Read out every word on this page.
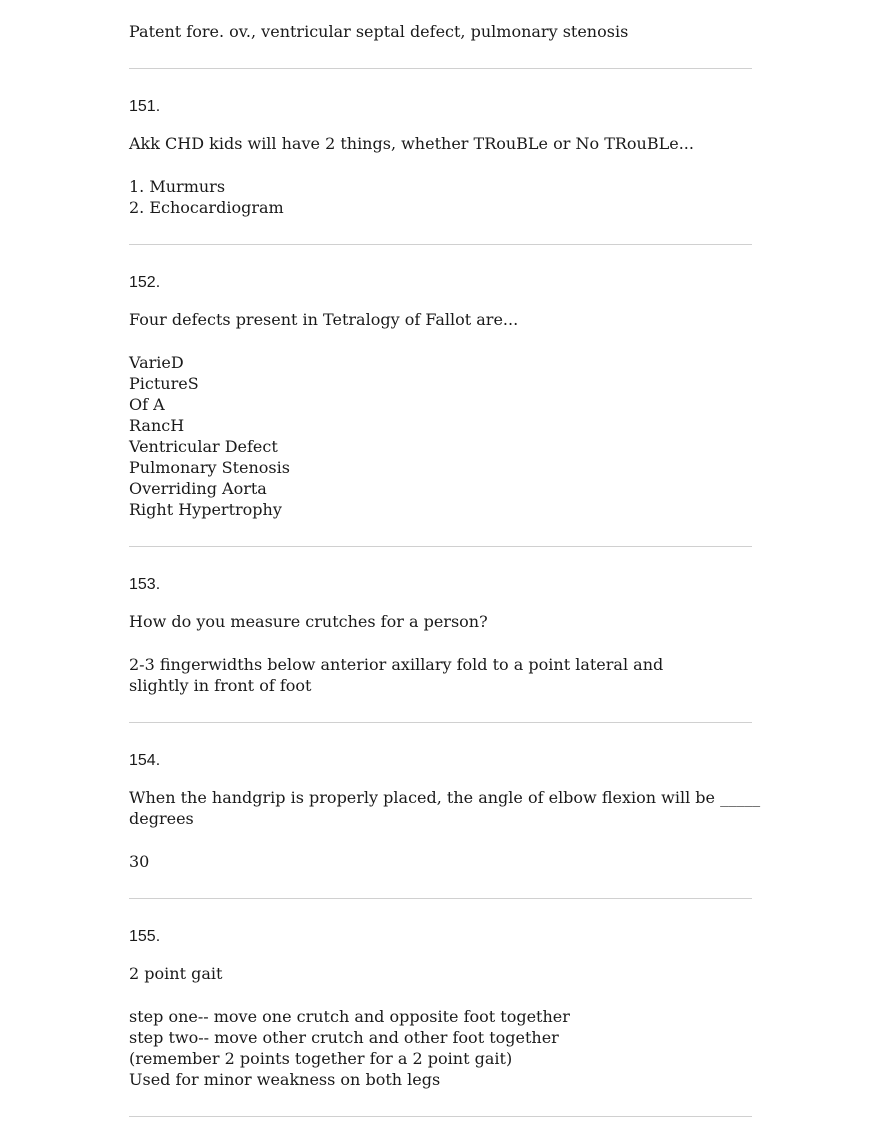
Patent fore. ov., ventricular septal defect, pulmonary stenosis
151.
Akk CHD kids will have 2 things, whether TRouBLe or No TRouBLe...
1. Murmurs
2. Echocardiogram
152.
Four defects present in Tetralogy of Fallot are...
VarieD
PictureS
Of A
RancH
Ventricular Defect
Pulmonary Stenosis
Overriding Aorta
Right Hypertrophy
153.
How do you measure crutches for a person?
2-3 fingerwidths below anterior axillary fold to a point lateral and
slightly in front of foot
154.
When the handgrip is properly placed, the angle of elbow flexion will be _____
degrees
30
155.
2 point gait
step one-- move one crutch and opposite foot together
step two-- move other crutch and other foot together
(remember 2 points together for a 2 point gait)
Used for minor weakness on both legs
